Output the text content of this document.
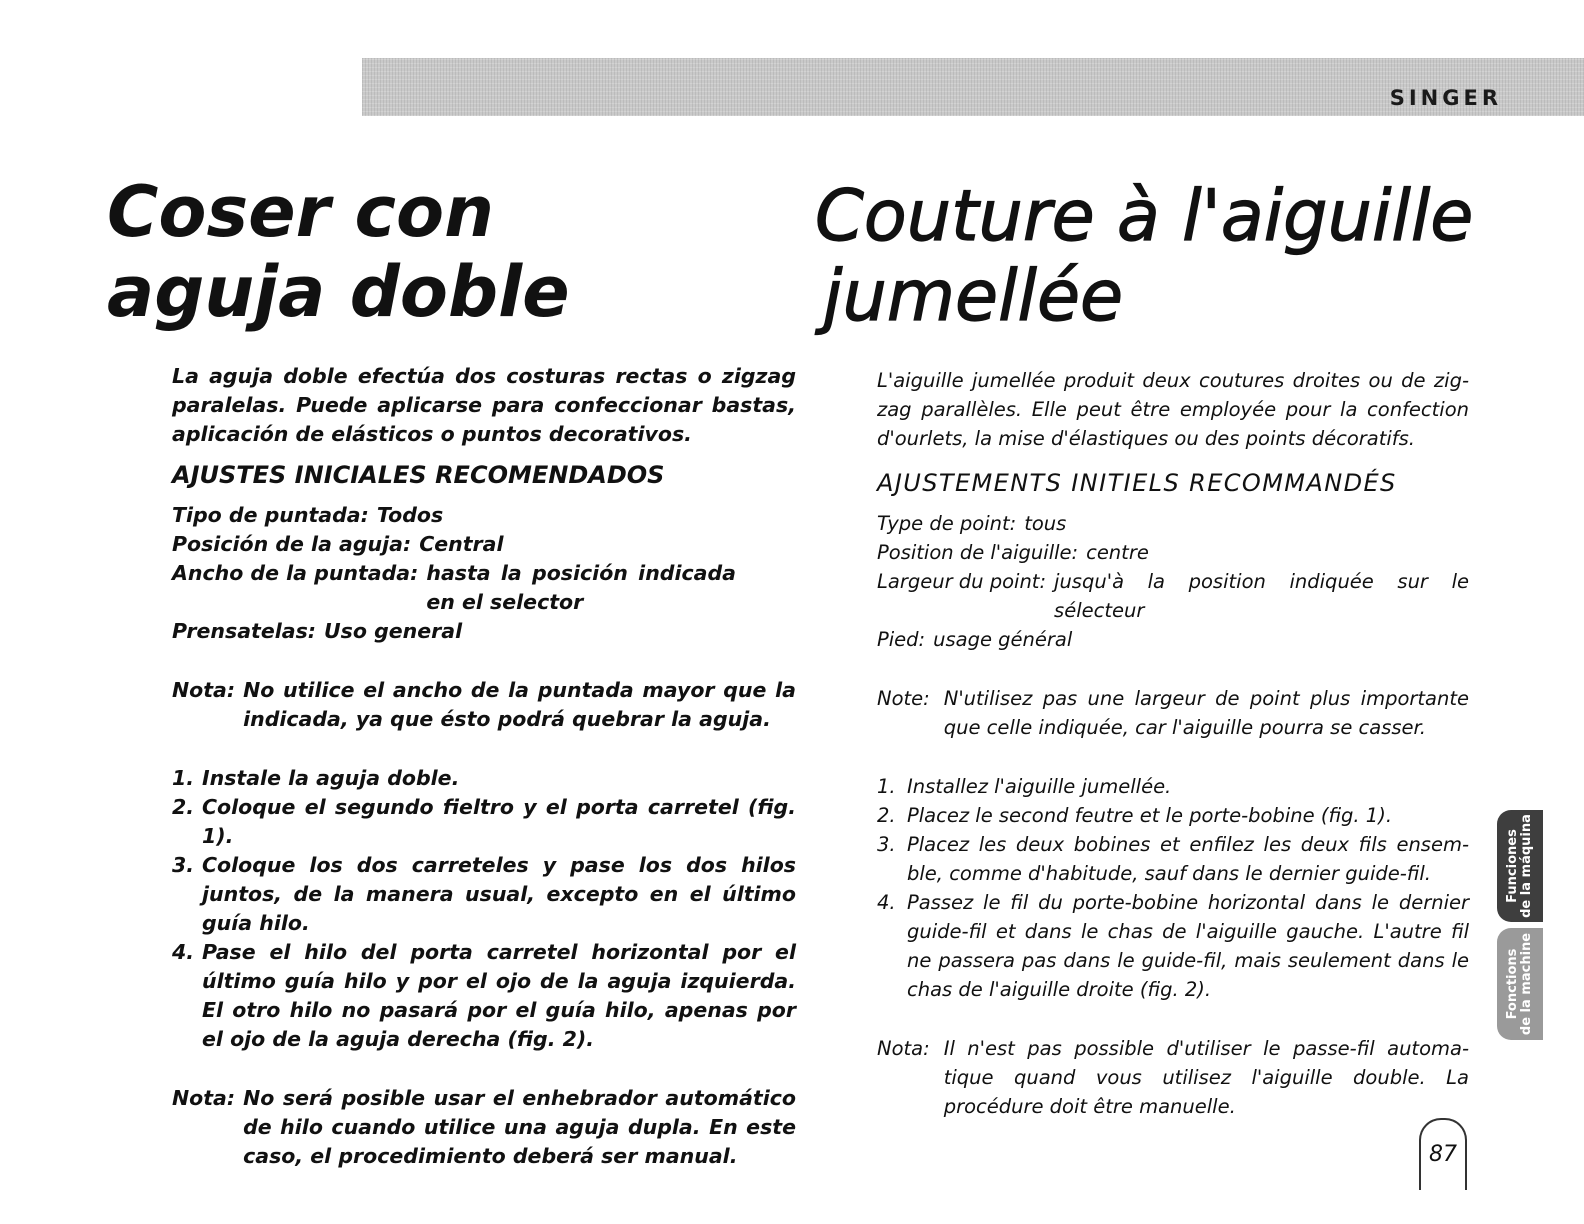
SINGER
Coser con
aguja doble
Couture à l'aiguille
jumellée

La aguja doble efectúa dos costuras rectas o zigzag paralelas. Puede aplicarse para confeccionar bastas, aplicación de elásticos o puntos decorativos.

AJUSTES INICIALES RECOMENDADOS
Tipo de puntada: Todos
Posición de la aguja: Central
Ancho de la puntada: hasta la posición indicada en el selector
Prensatelas: Uso general
Nota: No utilice el ancho de la puntada mayor que la indicada, ya que ésto podrá quebrar la aguja.
1. Instale la aguja doble.
2. Coloque el segundo fieltro y el porta carretel (fig. 1).
3. Coloque los dos carreteles y pase los dos hilos juntos, de la manera usual, excepto en el último guía hilo.
4. Pase el hilo del porta carretel horizontal por el último guía hilo y por el ojo de la aguja izquierda. El otro hilo no pasará por el guía hilo, apenas por el ojo de la aguja derecha (fig. 2).
Nota: No será posible usar el enhebrador automático de hilo cuando utilice una aguja dupla. En este caso, el procedimiento deberá ser manual.

L'aiguille jumellée produit deux coutures droites ou de zig-zag parallèles. Elle peut être employée pour la confection d'ourlets, la mise d'élastiques ou des points décoratifs.

AJUSTEMENTS INITIELS RECOMMANDÉS
Type de point: tous
Position de l'aiguille: centre
Largeur du point: jusqu'à la position indiquée sur le sélecteur
Pied: usage général
Note: N'utilisez pas une largeur de point plus importante que celle indiquée, car l'aiguille pourra se casser.
1. Installez l'aiguille jumellée.
2. Placez le second feutre et le porte-bobine (fig. 1).
3. Placez les deux bobines et enfilez les deux fils ensem-ble, comme d'habitude, sauf dans le dernier guide-fil.
4. Passez le fil du porte-bobine horizontal dans le dernier guide-fil et dans le chas de l'aiguille gauche. L'autre fil ne passera pas dans le guide-fil, mais seulement dans le chas de l'aiguille droite (fig. 2).
Nota: Il n'est pas possible d'utiliser le passe-fil automa-tique quand vous utilisez l'aiguille double. La procédure doit être manuelle.
Funciones de la máquina
Fonctions de la machine
87
